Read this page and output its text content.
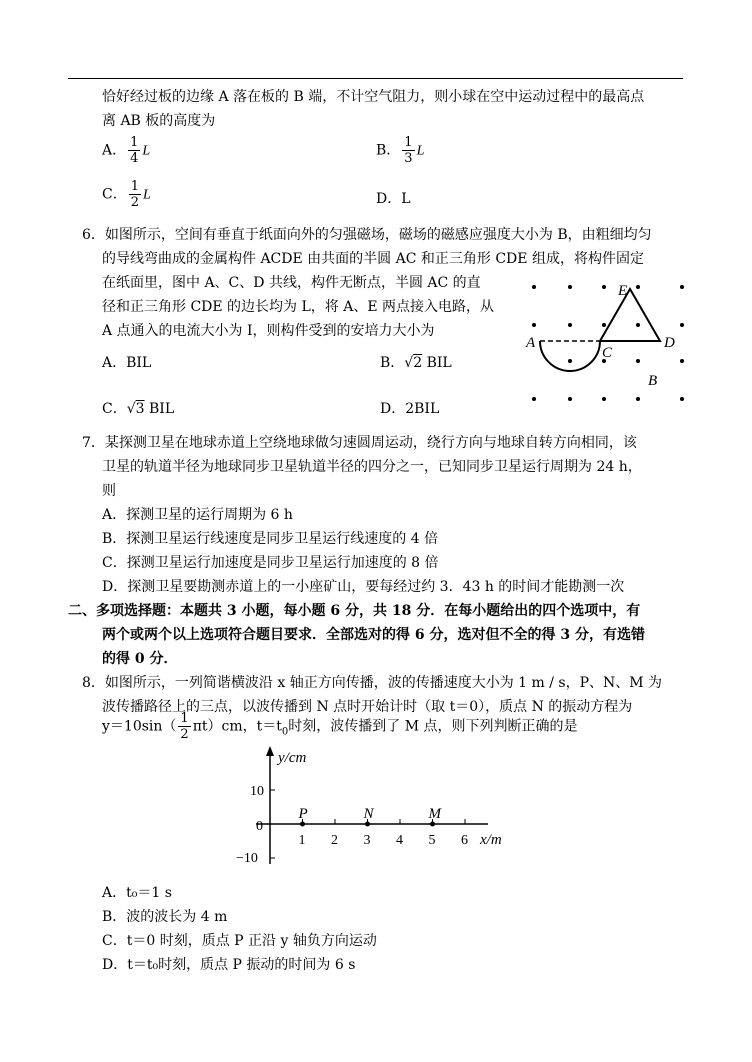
恰好经过板的边缘 A 落在板的 B 端，不计空气阻力，则小球在空中运动过程中的最高点
离 AB 板的高度为
A． $\frac{1}{4}$ L	B． $\frac{1}{3}$ L
C． $\frac{1}{2}$ L	D．L
6．如图所示，空间有垂直于纸面向外的匀强磁场，磁场的磁感应强度大小为 B，由粗细均匀
的导线弯曲成的金属构件 ACDE 由共面的半圆 AC 和正三角形 CDE 组成，将构件固定
在纸面里，图中 A、C、D 共线，构件无断点，半圆 AC 的直
径和正三角形 CDE 的边长均为 L，将 A、E 两点接入电路，从
A 点通入的电流大小为 I，则构件受到的安培力大小为
A．BIL	B．√2 BIL
C．√3 BIL	D．2BIL
A
C
D
E
B
7．某探测卫星在地球赤道上空绕地球做匀速圆周运动，绕行方向与地球自转方向相同，该
卫星的轨道半径为地球同步卫星轨道半径的四分之一，已知同步卫星运行周期为 24 h，
则
A．探测卫星的运行周期为 6 h
B．探测卫星运行线速度是同步卫星运行线速度的 4 倍
C．探测卫星运行加速度是同步卫星运行加速度的 8 倍
D．探测卫星要勘测赤道上的一小座矿山，要每经过约 3．43 h 的时间才能勘测一次
二、多项选择题：本题共 3 小题，每小题 6 分，共 18 分．在每小题给出的四个选项中，有
两个或两个以上选项符合题目要求．全部选对的得 6 分，选对但不全的得 3 分，有选错
的得 0 分．
8．如图所示，一列简谐横波沿 x 轴正方向传播，波的传播速度大小为 1 m / s，P、N、M 为
波传播路径上的三点，以波传播到 N 点时开始计时（取 t＝0），质点 N 的振动方程为
$y=10\sin( \frac{1}{2} \pi t)cm$，$t=t_0$时刻，波传播到了 M 点，则下列判断正确的是
y/cm
x/m
10
0
−10
1 2 3 4 5 6
P	N	M
A．t₀＝1 s
B．波的波长为 4 m
C．t＝0 时刻，质点 P 正沿 y 轴负方向运动
D．t＝t₀时刻，质点 P 振动的时间为 6 s
